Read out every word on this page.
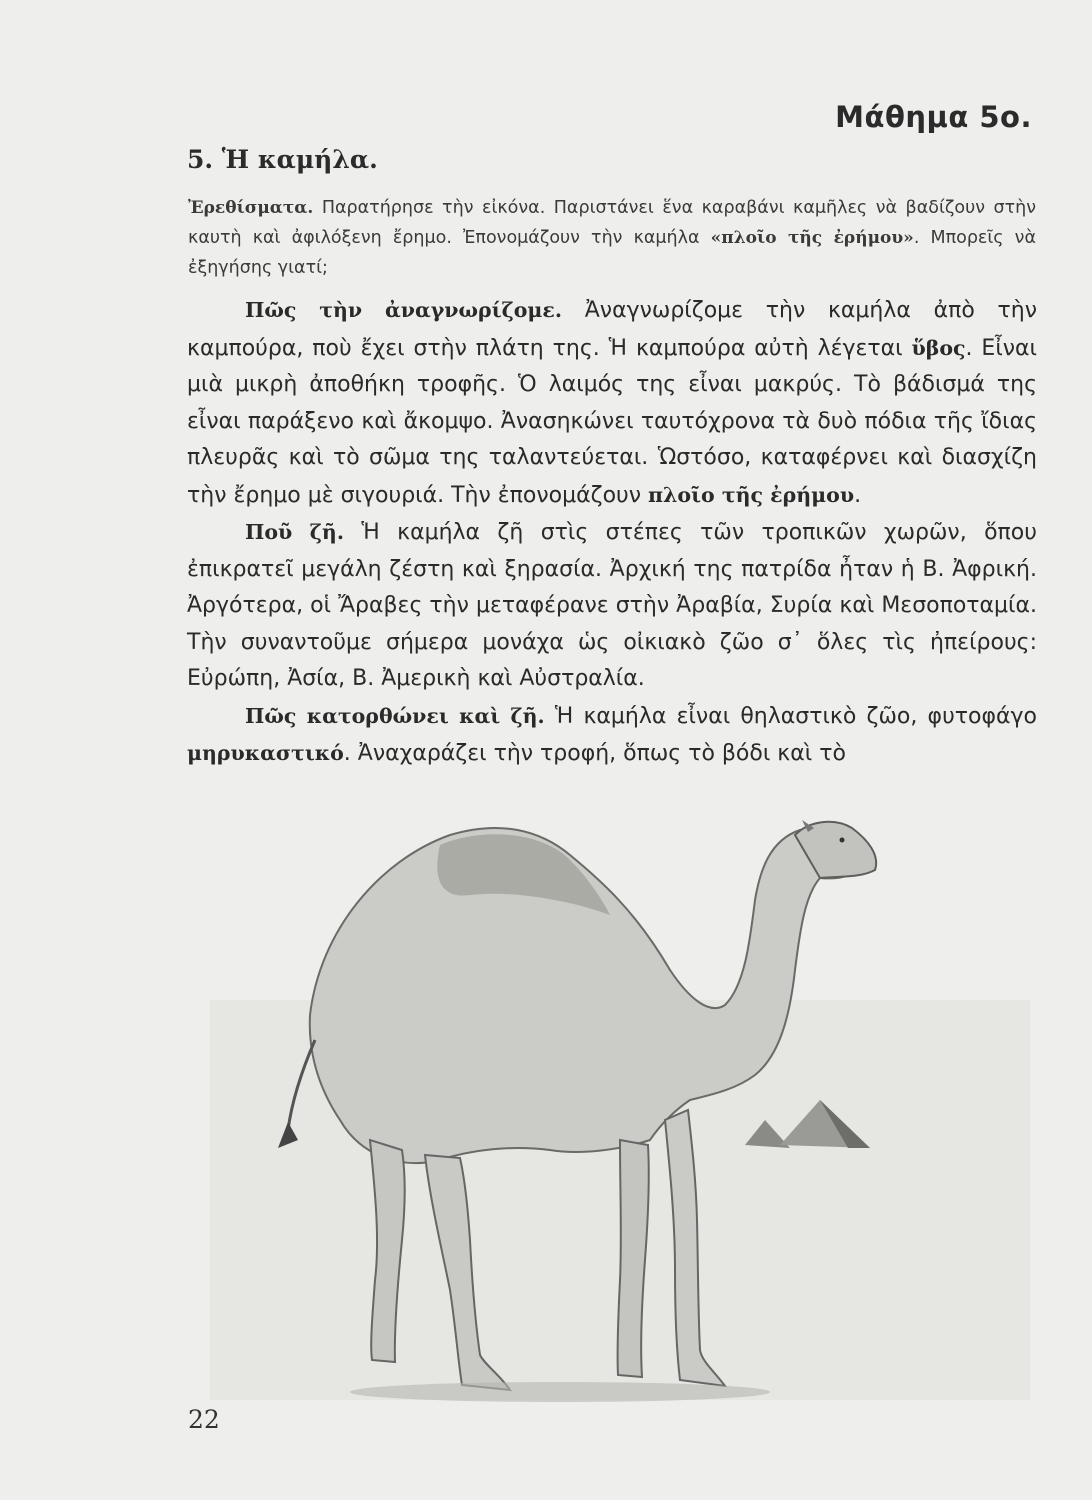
Μάθημα 5ο.
5. Ἡ καμήλα.
Ἐρεθίσματα. Παρατήρησε τὴν εἰκόνα. Παριστάνει ἕνα καραβάνι καμῆλες νὰ βαδίζουν στὴν καυτὴ καὶ ἀφιλόξενη ἔρημο. Ἐπονομάζουν τὴν καμήλα «πλοῖο τῆς ἐρήμου». Μπορεῖς νὰ ἐξηγήσης γιατί;

Πῶς τὴν ἀναγνωρίζομε. Ἀναγνωρίζομε τὴν καμήλα ἀπὸ τὴν καμπούρα, ποὺ ἔχει στὴν πλάτη της. Ἡ καμπούρα αὐτὴ λέγεται ὕβος. Εἶναι μιὰ μικρὴ ἀποθήκη τροφῆς. Ὁ λαιμός της εἶναι μακρύς. Τὸ βάδισμά της εἶναι παράξενο καὶ ἄκομψο. Ἀνασηκώνει ταυτόχρονα τὰ δυὸ πόδια τῆς ἴδιας πλευρᾶς καὶ τὸ σῶμα της ταλαντεύεται. Ὡστόσο, καταφέρνει καὶ διασχίζη τὴν ἔρημο μὲ σιγουριά. Τὴν ἐπονομάζουν πλοῖο τῆς ἐρήμου.

Ποῦ ζῆ. Ἡ καμήλα ζῆ στὶς στέπες τῶν τροπικῶν χωρῶν, ὅπου ἐπικρατεῖ μεγάλη ζέστη καὶ ξηρασία. Ἀρχική της πατρίδα ἦταν ἡ Β. Ἀφρική. Ἀργότερα, οἱ Ἄραβες τὴν μεταφέρανε στὴν Ἀραβία, Συρία καὶ Μεσοποταμία. Τὴν συναντοῦμε σήμερα μονάχα ὡς οἰκιακὸ ζῶο σ᾽ ὅλες τὶς ἠπείρους: Εὐρώπη, Ἀσία, Β. Ἀμερικὴ καὶ Αὐστραλία.

Πῶς κατορθώνει καὶ ζῆ. Ἡ καμήλα εἶναι θηλαστικὸ ζῶο, φυτοφάγο μηρυκαστικό. Ἀναχαράζει τὴν τροφή, ὅπως τὸ βόδι καὶ τὸ

22
